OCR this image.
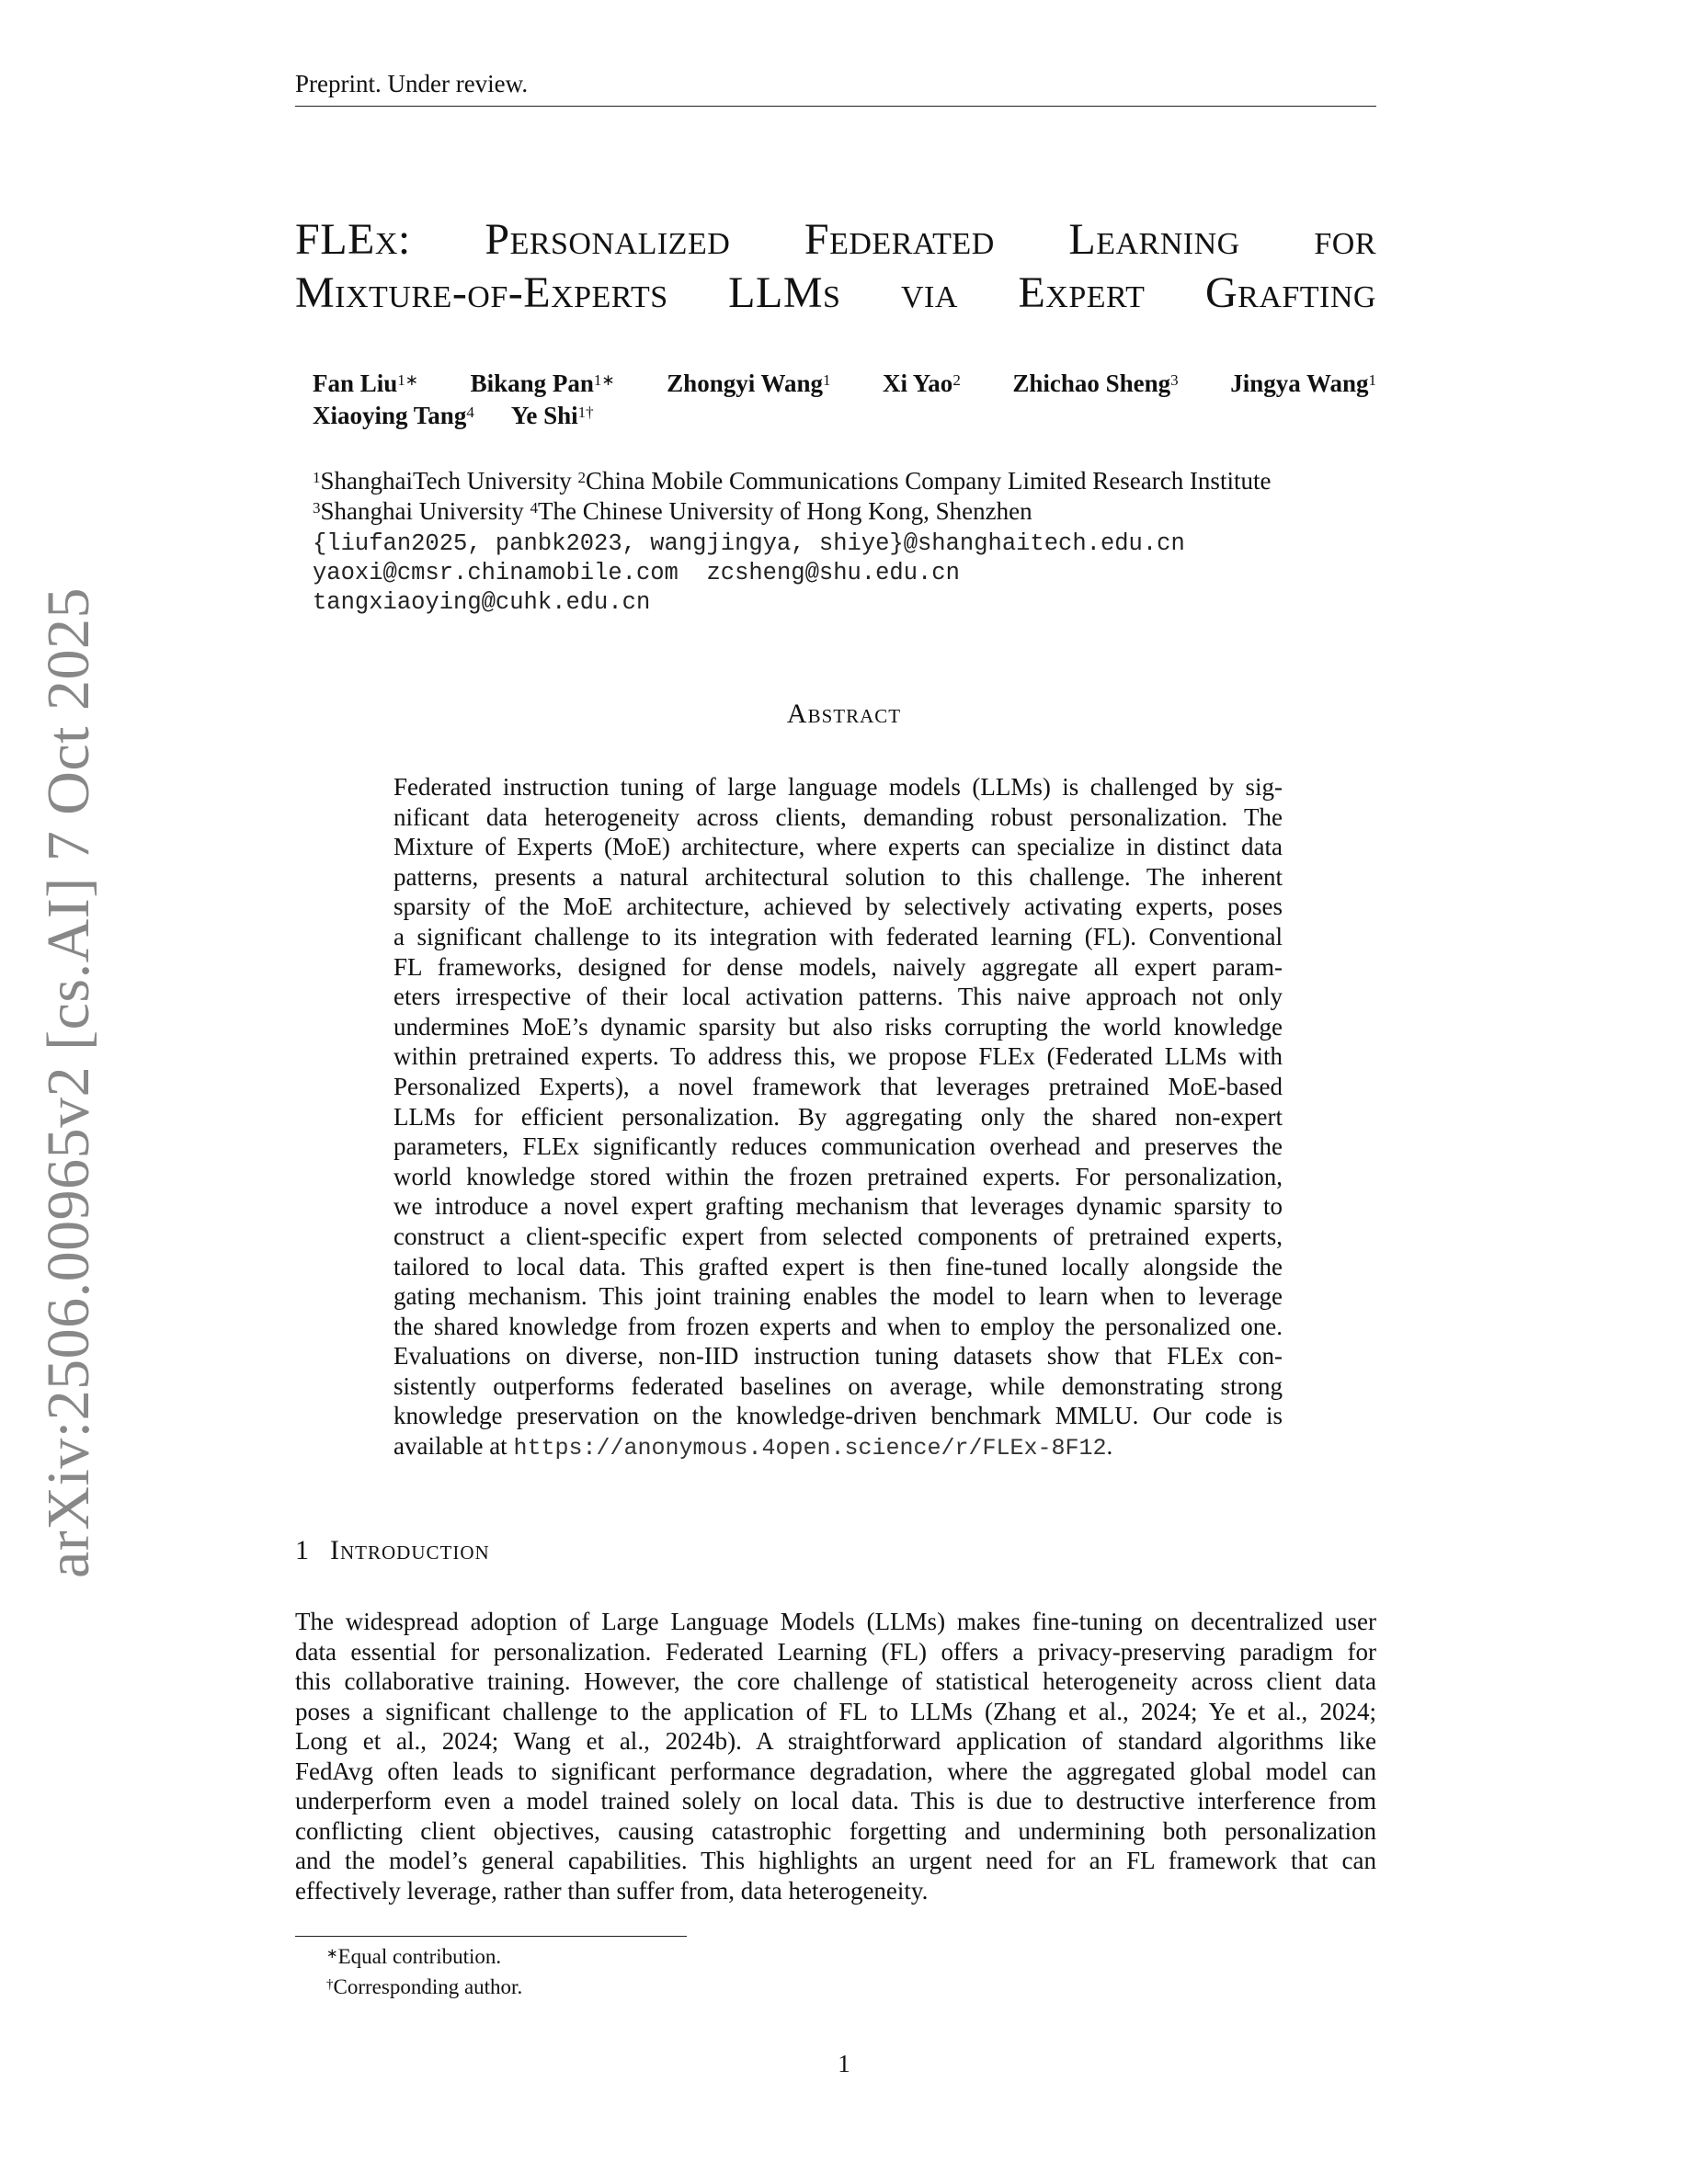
Preprint. Under review.
FLEx: Personalized Federated Learning for
Mixture-of-Experts LLMs via Expert Grafting
Fan Liu$^{1∗}$ Bikang Pan$^{1∗}$ Zhongyi Wang$^1$ Xi Yao$^2$ Zhichao Sheng$^3$ Jingya Wang$^1$
Xiaoying Tang$^4$ Ye Shi$^{1\dagger}$
$^1$ShanghaiTech University $^2$China Mobile Communications Company Limited Research Institute
$^3$Shanghai University $^4$The Chinese University of Hong Kong, Shenzhen
{liufan2025, panbk2023, wangjingya, shiye}@shanghaitech.edu.cn
yaoxi@cmsr.chinamobile.com  zcsheng@shu.edu.cn
tangxiaoying@cuhk.edu.cn
Abstract
Federated instruction tuning of large language models (LLMs) is challenged by sig-
nificant data heterogeneity across clients, demanding robust personalization. The
Mixture of Experts (MoE) architecture, where experts can specialize in distinct data
patterns, presents a natural architectural solution to this challenge. The inherent
sparsity of the MoE architecture, achieved by selectively activating experts, poses
a significant challenge to its integration with federated learning (FL). Conventional
FL frameworks, designed for dense models, naively aggregate all expert param-
eters irrespective of their local activation patterns. This naive approach not only
undermines MoE’s dynamic sparsity but also risks corrupting the world knowledge
within pretrained experts. To address this, we propose FLEx (Federated LLMs with
Personalized Experts), a novel framework that leverages pretrained MoE-based
LLMs for efficient personalization. By aggregating only the shared non-expert
parameters, FLEx significantly reduces communication overhead and preserves the
world knowledge stored within the frozen pretrained experts. For personalization,
we introduce a novel expert grafting mechanism that leverages dynamic sparsity to
construct a client-specific expert from selected components of pretrained experts,
tailored to local data. This grafted expert is then fine-tuned locally alongside the
gating mechanism. This joint training enables the model to learn when to leverage
the shared knowledge from frozen experts and when to employ the personalized one.
Evaluations on diverse, non-IID instruction tuning datasets show that FLEx con-
sistently outperforms federated baselines on average, while demonstrating strong
knowledge preservation on the knowledge-driven benchmark MMLU. Our code is
available at https://anonymous.4open.science/r/FLEx-8F12.
1 Introduction
The widespread adoption of Large Language Models (LLMs) makes fine-tuning on decentralized user
data essential for personalization. Federated Learning (FL) offers a privacy-preserving paradigm for
this collaborative training. However, the core challenge of statistical heterogeneity across client data
poses a significant challenge to the application of FL to LLMs (Zhang et al., 2024; Ye et al., 2024;
Long et al., 2024; Wang et al., 2024b). A straightforward application of standard algorithms like
FedAvg often leads to significant performance degradation, where the aggregated global model can
underperform even a model trained solely on local data. This is due to destructive interference from
conflicting client objectives, causing catastrophic forgetting and undermining both personalization
and the model’s general capabilities. This highlights an urgent need for an FL framework that can
effectively leverage, rather than suffer from, data heterogeneity.
∗Equal contribution.
†Corresponding author.
1
arXiv:2506.00965v2 [cs.AI] 7 Oct 2025
